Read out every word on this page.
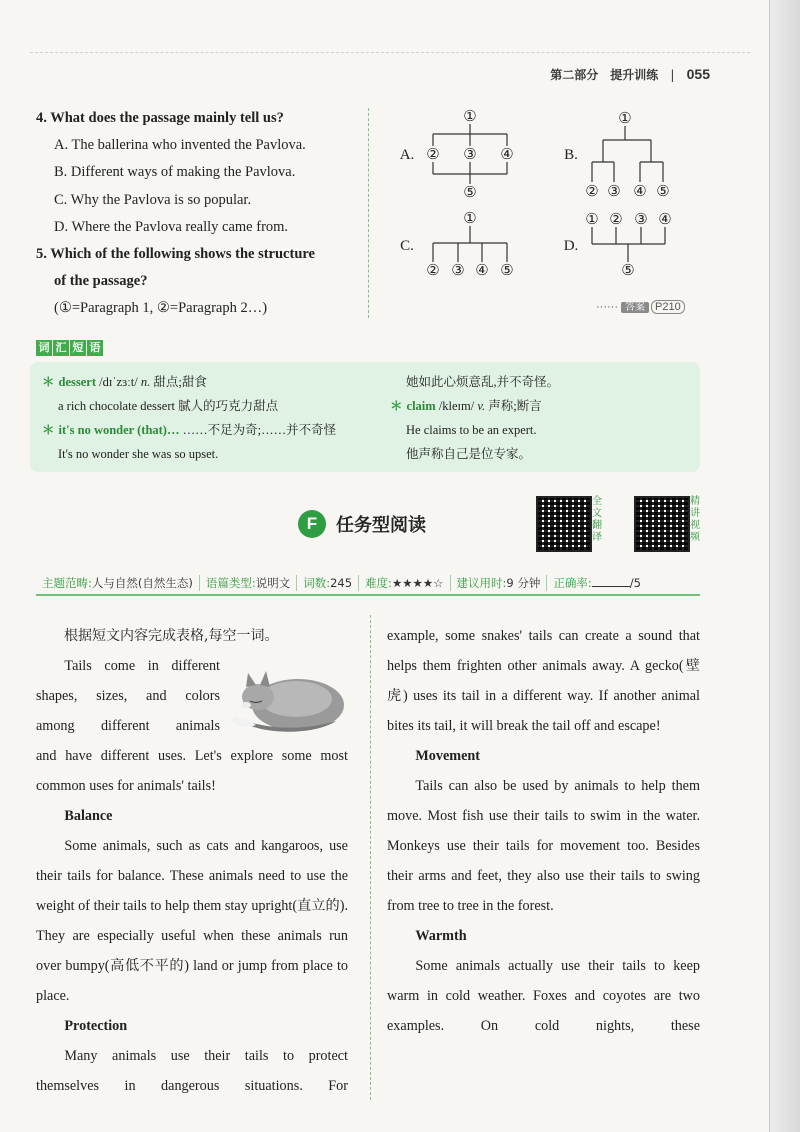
第二部分　提升训练 | 055
4. What does the passage mainly tell us?
A. The ballerina who invented the Pavlova.
B. Different ways of making the Pavlova.
C. Why the Pavlova is so popular.
D. Where the Pavlova really came from.
5. Which of the following shows the structure
of the passage?
(①=Paragraph 1, ②=Paragraph 2…)
A.
①
② ③ ④
⑤
B.
①
② ③ ④ ⑤
C.
①
② ③ ④ ⑤
D.
① ② ③ ④
⑤
······ 答案 P210
词 汇 短 语
＊ dessert /dɪˈzɜːt/ n. 甜点;甜食
a rich chocolate dessert 腻人的巧克力甜点
＊ it's no wonder (that)… ……不足为奇;……并不奇怪
It's no wonder she was so upset.
她如此心烦意乱,并不奇怪。
＊ claim /kleɪm/ v. 声称;断言
He claims to be an expert.
他声称自己是位专家。
F	任务型阅读
全
文
翻
译
精
讲
视
频
主题范畴:人与自然(自然生态)	语篇类型:说明文	词数:245	难度:★★★★☆	建议用时:9 分钟	正确率:	/5

根据短文内容完成表格,每空一词。

Tails come in different

shapes, sizes, and colors

among different animals

and have different uses. Let's explore some most common uses for animals' tails!

Balance

Some animals, such as cats and kangaroos, use their tails for balance. These animals need to use the weight of their tails to help them stay upright(直立的). They are especially useful when these animals run over bumpy(高低不平的) land or jump from place to place.

Protection

Many animals use their tails to protect themselves in dangerous situations. For

example, some snakes' tails can create a sound that helps them frighten other animals away. A gecko(壁虎) uses its tail in a different way. If another animal bites its tail, it will break the tail off and escape!

Movement

Tails can also be used by animals to help them move. Most fish use their tails to swim in the water. Monkeys use their tails for movement too. Besides their arms and feet, they also use their tails to swing from tree to tree in the forest.

Warmth

Some animals actually use their tails to keep warm in cold weather. Foxes and coyotes are two examples. On cold nights, these
